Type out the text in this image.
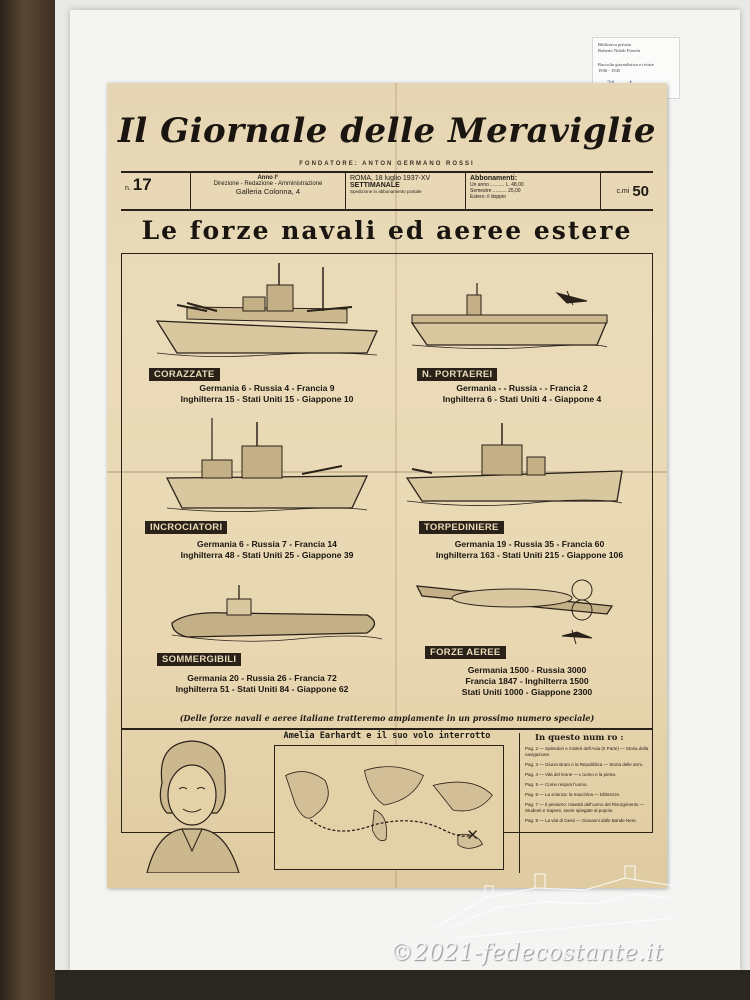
Biblioteca privata
Roberto Nobili Fiaschi
Raccolta giornalistica e riviste
1930 - 1945

Il Giornale delle Meraviglie
FONDATORE: ANTON GERMANO ROSSI
n. 17	Anno I°
Direzione - Redazione - Amministrazione
Galleria Colonna, 4
ROMA, 18 luglio 1937-XV
SETTIMANALE
Spedizione in abbonamento postale
Abbonamenti:
Un anno .......... L. 48,00
Semestre .......... 25,00
Estero: il doppio
c.mi 50
Le forze navali ed aeree estere
CORAZZATE
Germania 6 - Russia 4 - Francia 9
Inghilterra 15 - Stati Uniti 15 - Giappone 10
N. PORTAEREI
Germania - - Russia - - Francia 2
Inghilterra 6 - Stati Uniti 4 - Giappone 4
INCROCIATORI
Germania 6 - Russia 7 - Francia 14
Inghilterra 48 - Stati Uniti 25 - Giappone 39
TORPEDINIERE
Germania 19 - Russia 35 - Francia 60
Inghilterra 163 - Stati Uniti 215 - Giappone 106
SOMMERGIBILI
Germania 20 - Russia 26 - Francia 72
Inghilterra 51 - Stati Uniti 84 - Giappone 62
FORZE AEREE
Germania 1500 - Russia 3000
Francia 1847 - Inghilterra 1500
Stati Uniti 1000 - Giappone 2300
(Delle forze navali e aeree italiane tratteremo ampiamente in un prossimo numero speciale)
Amelia Earhardt e il suo volo interrotto	In questo num ro :
Pag. 2 — Splendori e misteri dell'Asia (II Parte) — Storia della navigazione.
Pag. 3 — Giunio Bruto e la Repubblica — Storia delle armi.
Pag. 4 — Vita del leone — L'uomo e la pietra.
Pag. 5 — Come respira l'uomo.
Pag. 6 — La scienza: la macchina — Ebbrezze.
Pag. 7 — Il pensiero: maestà dell'uomo del Risorgimento — Studenti e Sapere, storie spiegate al popolo.
Pag. 8 — La vita di Gesù — Giovanni dalle Bande Nere.
©2021-fedecostante.it
